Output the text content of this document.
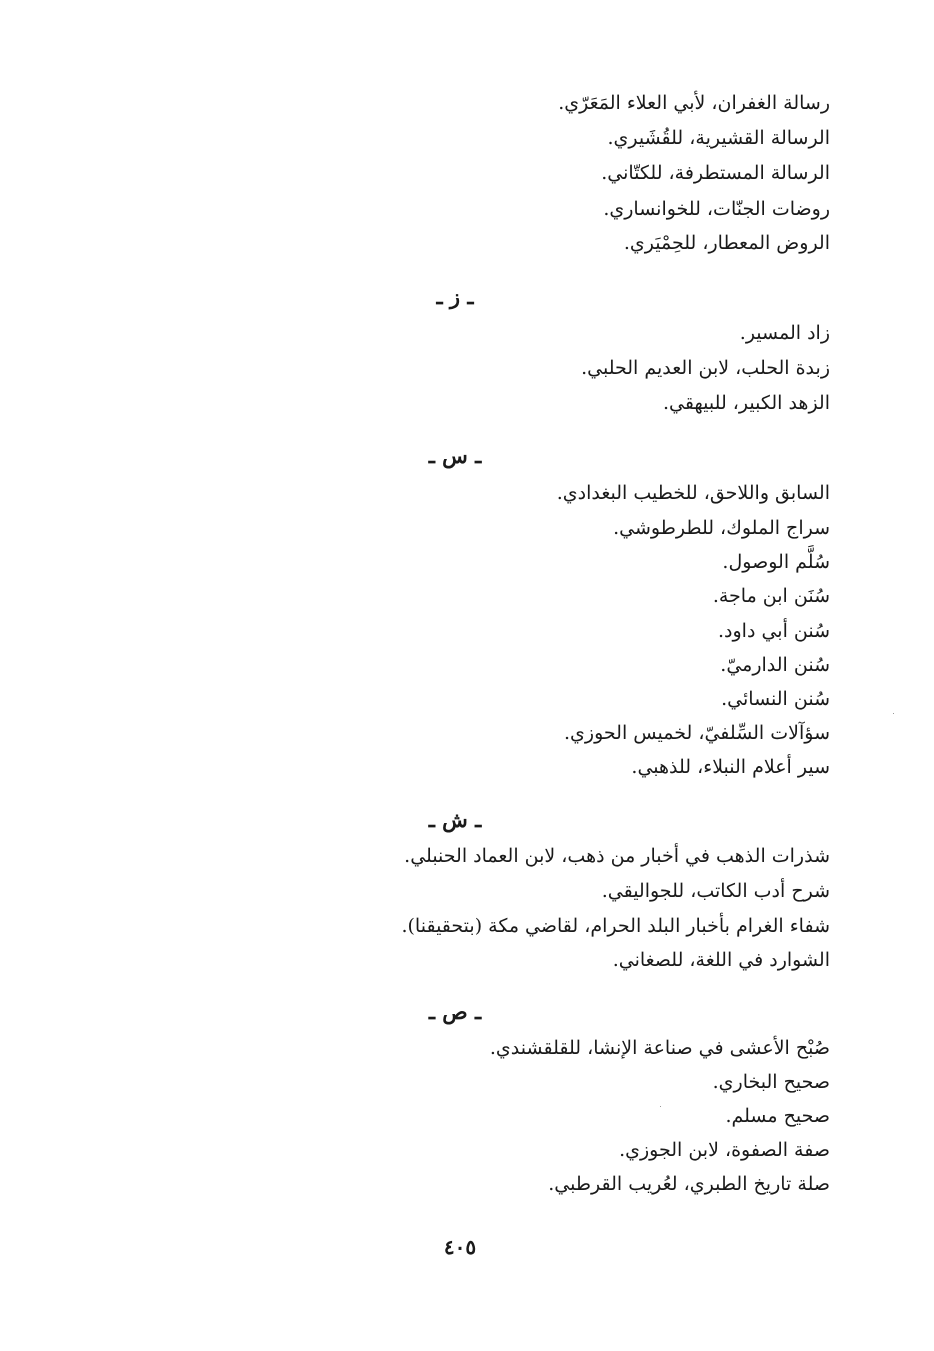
رسالة الغفران، لأبي العلاء المَعَرّي.
الرسالة القشيرية، للقُشَيري.
الرسالة المستطرفة، للكتّاني.
روضات الجنّات، للخوانساري.
الروض المعطار، للحِمْيَري.
ـ ز ـ
زاد المسير.
زبدة الحلب، لابن العديم الحلبي.
الزهد الكبير، للبيهقي.
ـ س ـ
السابق واللاحق، للخطيب البغدادي.
سراج الملوك، للطرطوشي.
سُلَّم الوصول.
سُنَن ابن ماجة.
سُنن أبي داود.
سُنن الدارميّ.
سُنن النسائي.
سؤآلات السِّلفيّ، لخميس الحوزي.
سير أعلام النبلاء، للذهبي.
ـ ش ـ
شذرات الذهب في أخبار من ذهب، لابن العماد الحنبلي.
شرح أدب الكاتب، للجواليقي.
شفاء الغرام بأخبار البلد الحرام، لقاضي مكة (بتحقيقنا).
الشوارد في اللغة، للصغاني.
ـ ص ـ
صُبْح الأعشى في صناعة الإنشا، للقلقشندي.
صحيح البخاري.
صحيح مسلم.
صفة الصفوة، لابن الجوزي.
صلة تاريخ الطبري، لعُريب القرطبي.
٤٠٥
